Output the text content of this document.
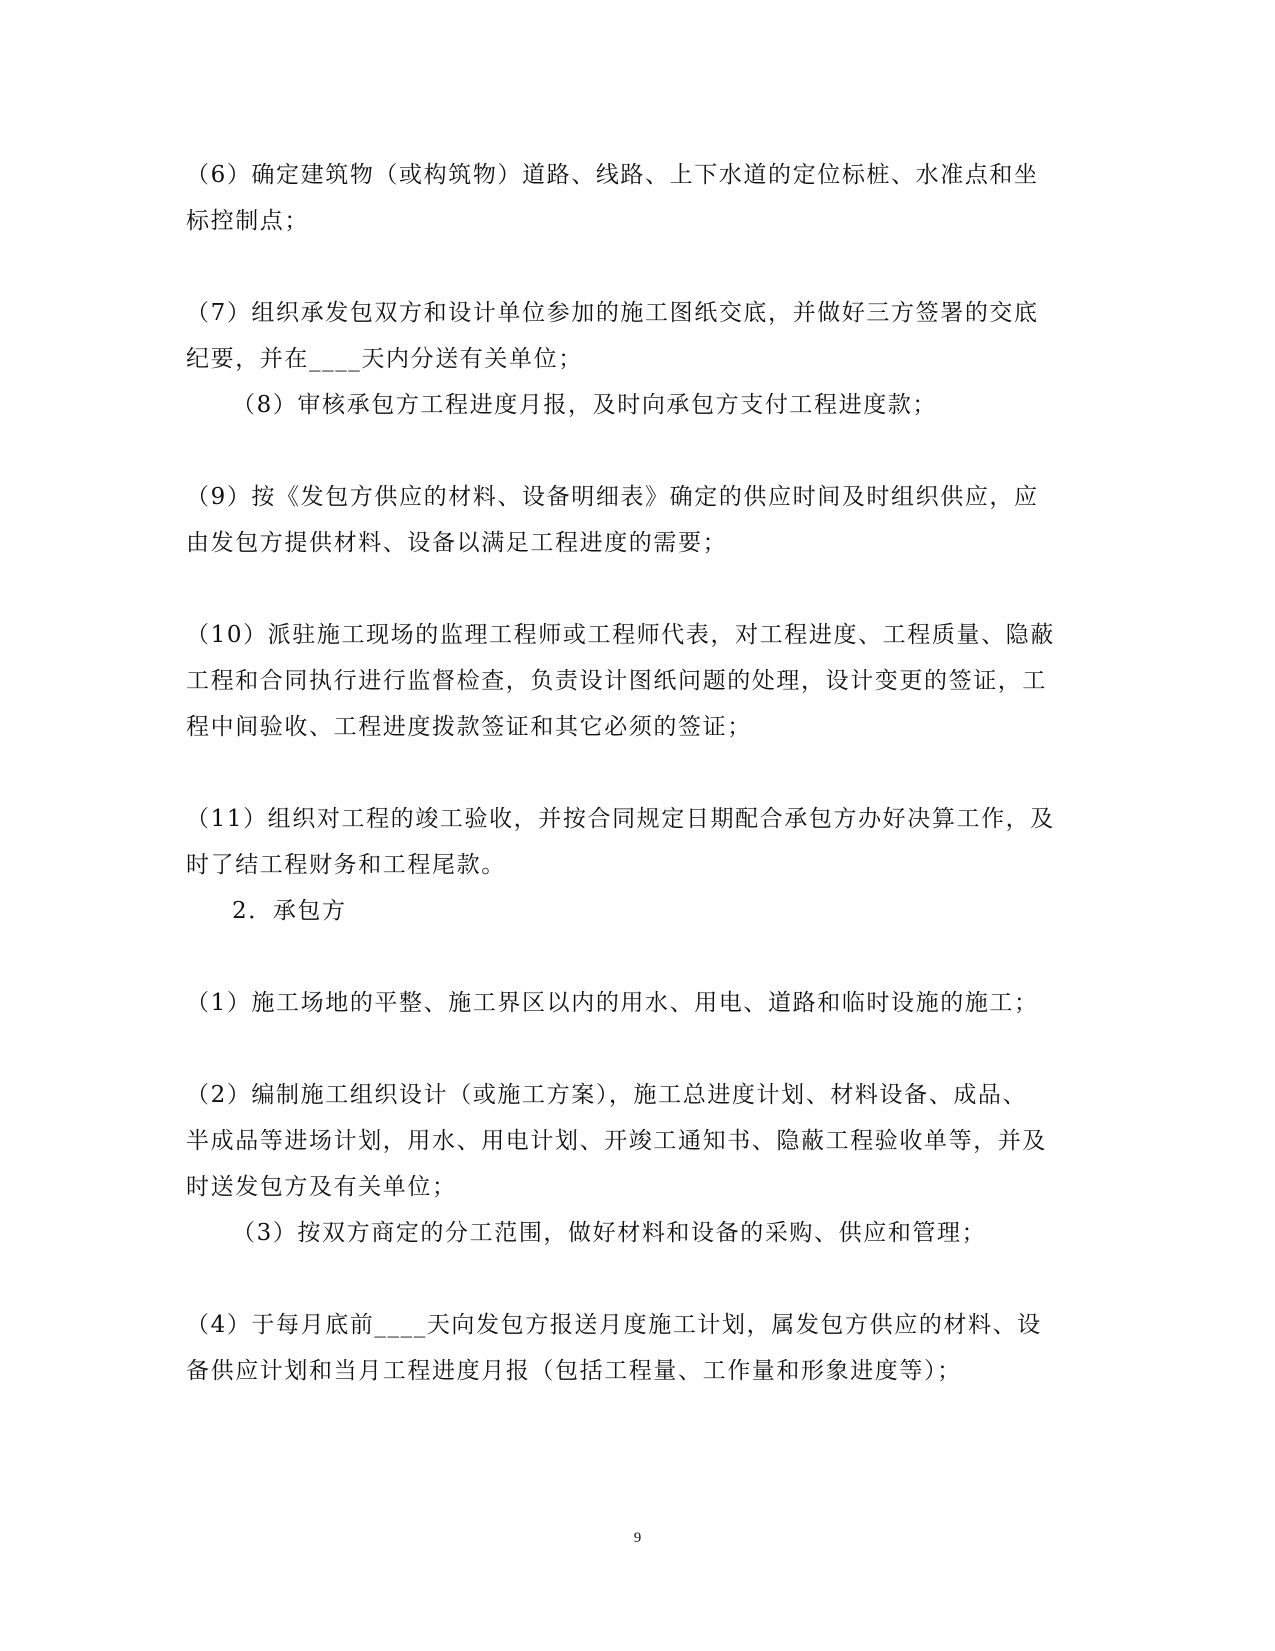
（6）确定建筑物（或构筑物）道路、线路、上下水道的定位标桩、水准点和坐
标控制点；
（7）组织承发包双方和设计单位参加的施工图纸交底，并做好三方签署的交底
纪要，并在____天内分送有关单位；
（8）审核承包方工程进度月报，及时向承包方支付工程进度款；
（9）按《发包方供应的材料、设备明细表》确定的供应时间及时组织供应，应
由发包方提供材料、设备以满足工程进度的需要；
（10）派驻施工现场的监理工程师或工程师代表，对工程进度、工程质量、隐蔽
工程和合同执行进行监督检查，负责设计图纸问题的处理，设计变更的签证，工
程中间验收、工程进度拨款签证和其它必须的签证；
（11）组织对工程的竣工验收，并按合同规定日期配合承包方办好决算工作，及
时了结工程财务和工程尾款。
2．承包方
（1）施工场地的平整、施工界区以内的用水、用电、道路和临时设施的施工；
（2）编制施工组织设计（或施工方案），施工总进度计划、材料设备、成品、
半成品等进场计划，用水、用电计划、开竣工通知书、隐蔽工程验收单等，并及
时送发包方及有关单位；
（3）按双方商定的分工范围，做好材料和设备的采购、供应和管理；
（4）于每月底前____天向发包方报送月度施工计划，属发包方供应的材料、设
备供应计划和当月工程进度月报（包括工程量、工作量和形象进度等）；
9
